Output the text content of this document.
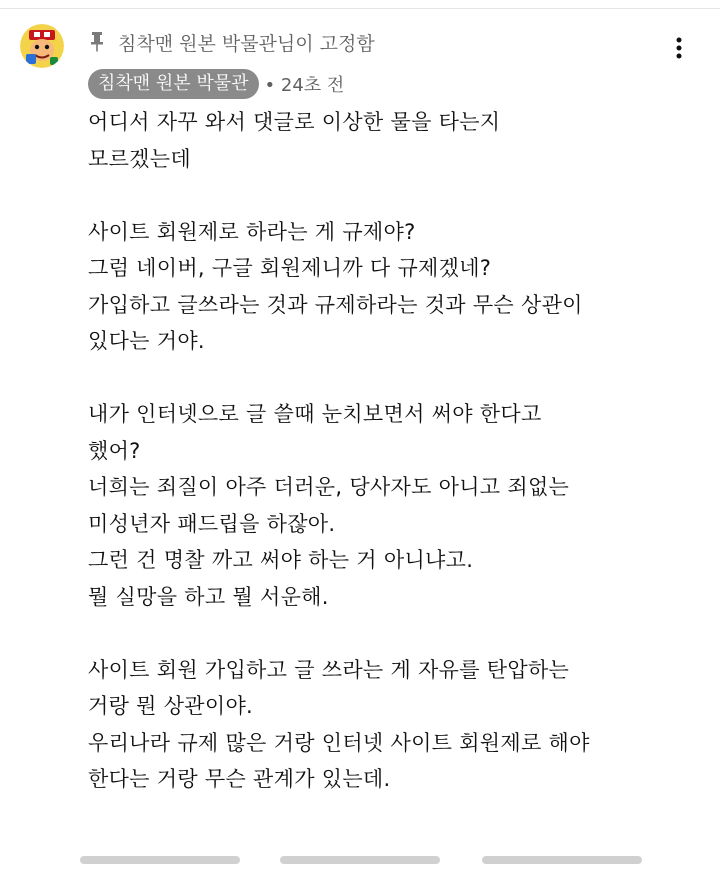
침착맨 원본 박물관님이 고정함
침착맨 원본 박물관 • 24초 전
어디서 자꾸 와서 댓글로 이상한 물을 타는지
모르겠는데
사이트 회원제로 하라는 게 규제야?
그럼 네이버, 구글 회원제니까 다 규제겠네?
가입하고 글쓰라는 것과 규제하라는 것과 무슨 상관이
있다는 거야.
내가 인터넷으로 글 쓸때 눈치보면서 써야 한다고
했어?
너희는 죄질이 아주 더러운, 당사자도 아니고 죄없는
미성년자 패드립을 하잖아.
그런 건 명찰 까고 써야 하는 거 아니냐고.
뭘 실망을 하고 뭘 서운해.
사이트 회원 가입하고 글 쓰라는 게 자유를 탄압하는
거랑 뭔 상관이야.
우리나라 규제 많은 거랑 인터넷 사이트 회원제로 해야
한다는 거랑 무슨 관계가 있는데.
